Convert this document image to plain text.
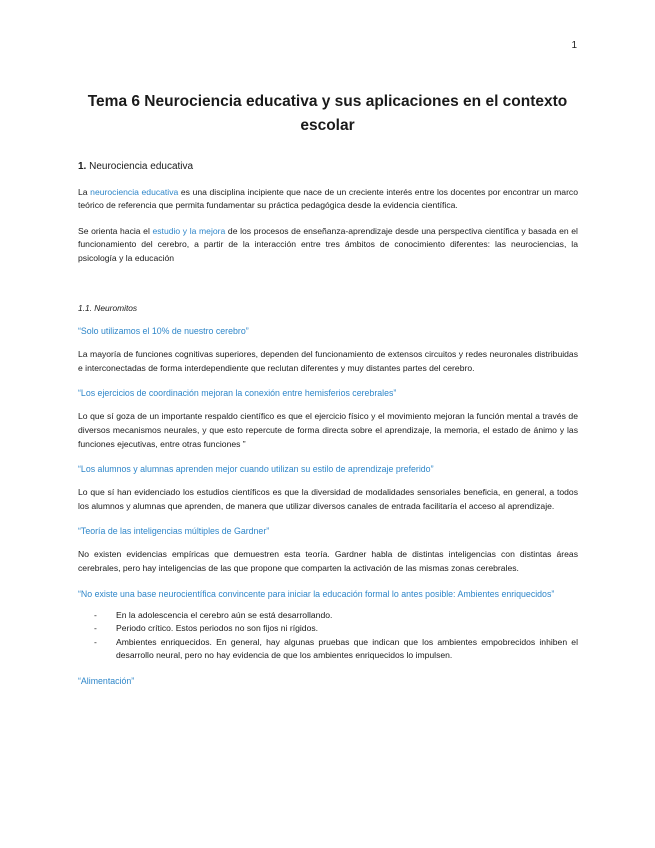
1
Tema 6 Neurociencia educativa y sus aplicaciones en el contexto escolar
1. Neurociencia educativa

La neurociencia educativa es una disciplina incipiente que nace de un creciente interés entre los docentes por encontrar un marco teórico de referencia que permita fundamentar su práctica pedagógica desde la evidencia científica.

Se orienta hacia el estudio y la mejora de los procesos de enseñanza-aprendizaje desde una perspectiva científica y basada en el funcionamiento del cerebro, a partir de la interacción entre tres ámbitos de conocimiento diferentes: las neurociencias, la psicología y la educación

1.1. Neuromitos
“Solo utilizamos el 10% de nuestro cerebro”

La mayoría de funciones cognitivas superiores, dependen del funcionamiento de extensos circuitos y redes neuronales distribuidas e interconectadas de forma interdependiente que reclutan diferentes y muy distantes partes del cerebro.

“Los ejercicios de coordinación mejoran la conexión entre hemisferios cerebrales”

Lo que sí goza de un importante respaldo científico es que el ejercicio físico y el movimiento mejoran la función mental a través de diversos mecanismos neurales, y que esto repercute de forma directa sobre el aprendizaje, la memoria, el estado de ánimo y las funciones ejecutivas, entre otras funciones ”

“Los alumnos y alumnas aprenden mejor cuando utilizan su estilo de aprendizaje preferido”

Lo que sí han evidenciado los estudios científicos es que la diversidad de modalidades sensoriales beneficia, en general, a todos los alumnos y alumnas que aprenden, de manera que utilizar diversos canales de entrada facilitaría el acceso al aprendizaje.

“Teoría de las inteligencias múltiples de Gardner”

No existen evidencias empíricas que demuestren esta teoría. Gardner habla de distintas inteligencias con distintas áreas cerebrales, pero hay inteligencias de las que propone que comparten la activación de las mismas zonas cerebrales.

“No existe una base neurocientífica convincente para iniciar la educación formal lo antes posible: Ambientes enriquecidos”
- En la adolescencia el cerebro aún se está desarrollando.
- Periodo crítico. Estos periodos no son fijos ni rígidos.
- Ambientes enriquecidos. En general, hay algunas pruebas que indican que los ambientes empobrecidos inhiben el desarrollo neural, pero no hay evidencia de que los ambientes enriquecidos lo impulsen.
“Alimentación”
